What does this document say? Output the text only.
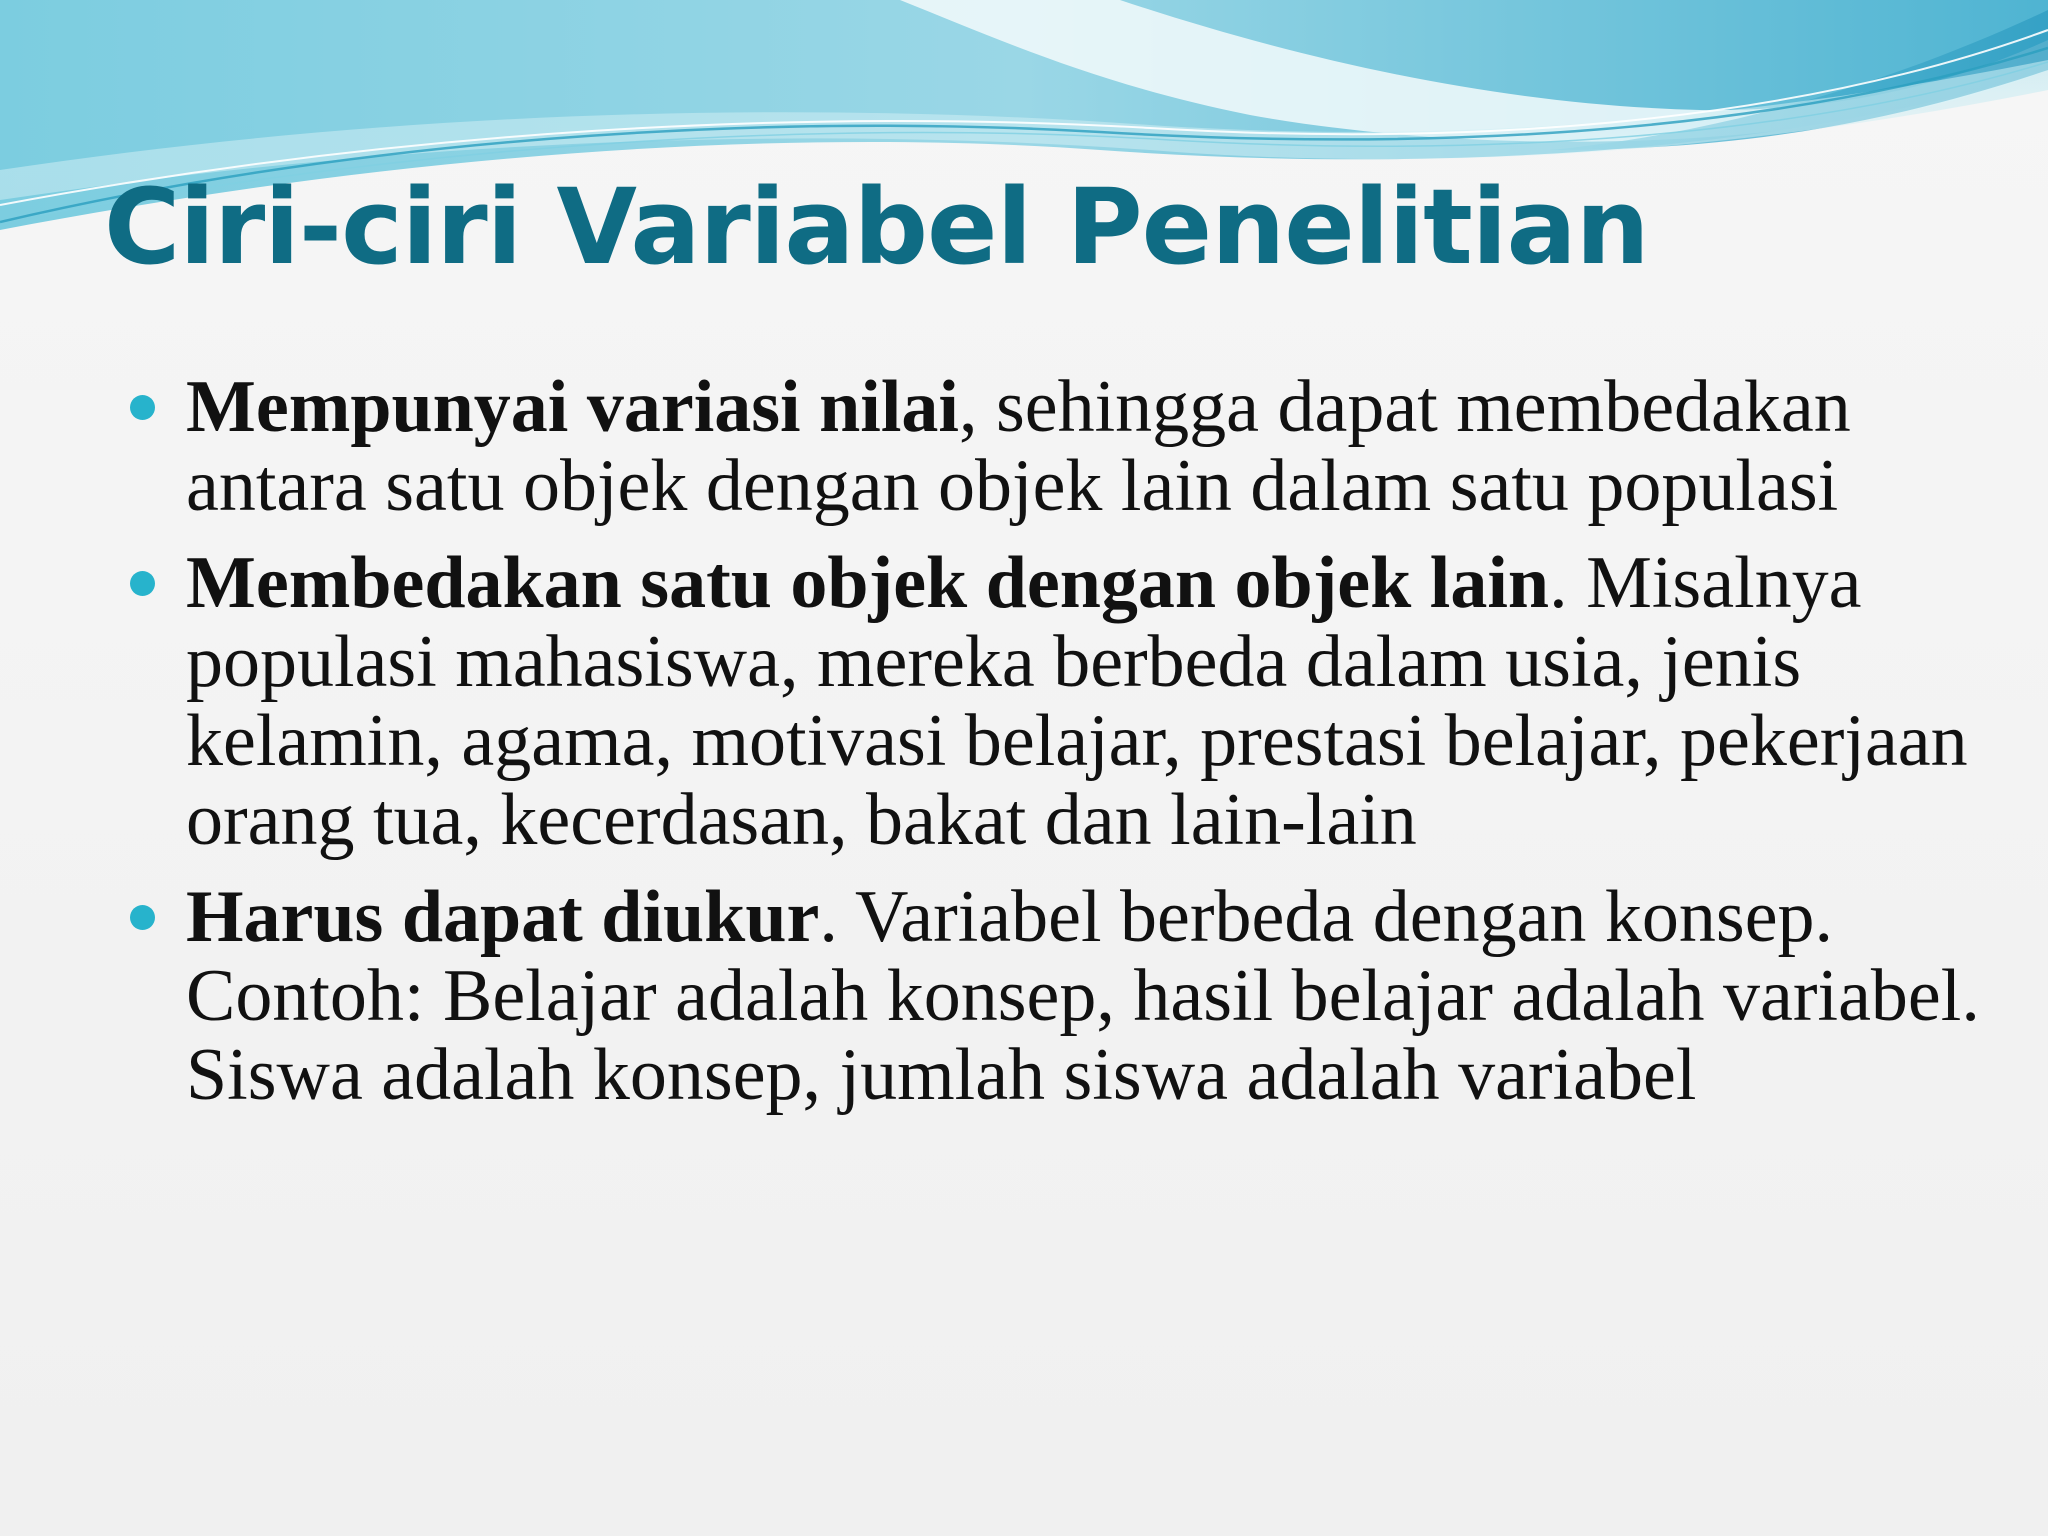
Ciri-ciri Variabel Penelitian
Mempunyai variasi nilai, sehingga dapat membedakan antara satu objek dengan objek lain dalam satu populasi
Membedakan satu objek dengan objek lain. Misalnya populasi mahasiswa, mereka berbeda dalam usia, jenis kelamin, agama, motivasi belajar, prestasi belajar, pekerjaan orang tua, kecerdasan, bakat dan lain-lain
Harus dapat diukur. Variabel berbeda dengan konsep. Contoh: Belajar adalah konsep, hasil belajar adalah variabel. Siswa adalah konsep, jumlah siswa adalah variabel
